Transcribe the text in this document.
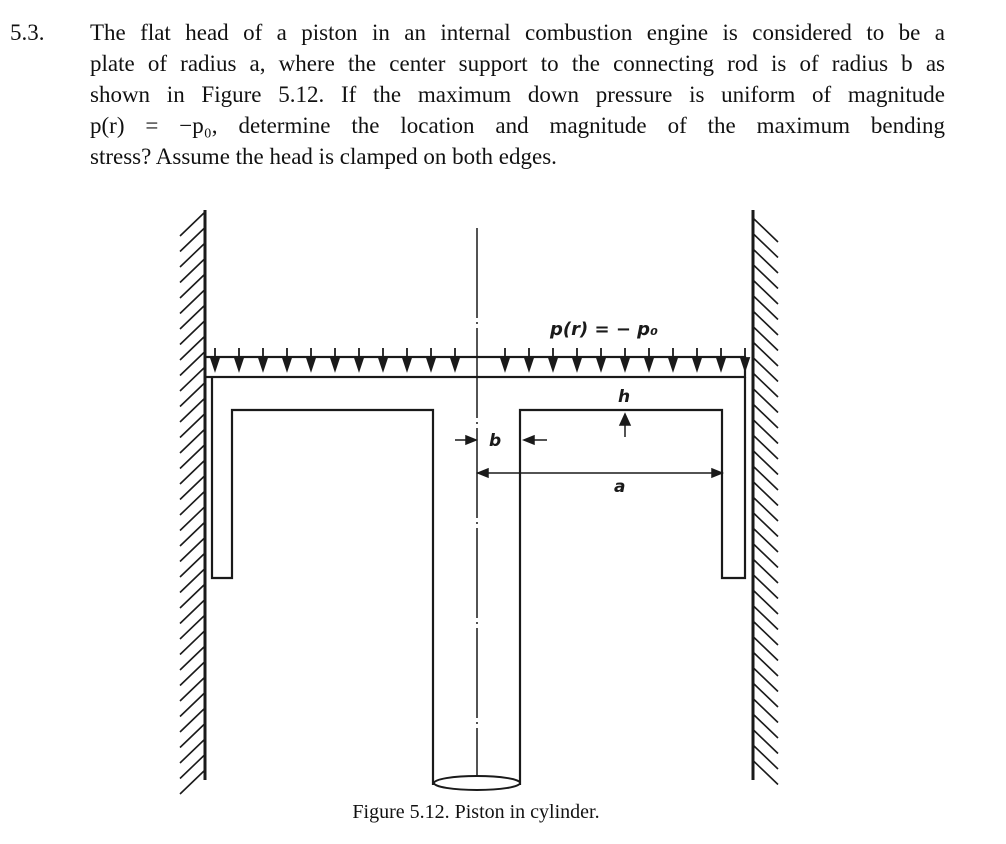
5.3. The flat head of a piston in an internal combustion engine is considered to be a
plate of radius a, where the center support to the connecting rod is of radius b as
shown in Figure 5.12. If the maximum down pressure is uniform of magnitude
p(r) = −p₀, determine the location and magnitude of the maximum bending
stress? Assume the head is clamped on both edges.
p(r) = − p₀
h
b
a
Figure 5.12. Piston in cylinder.
